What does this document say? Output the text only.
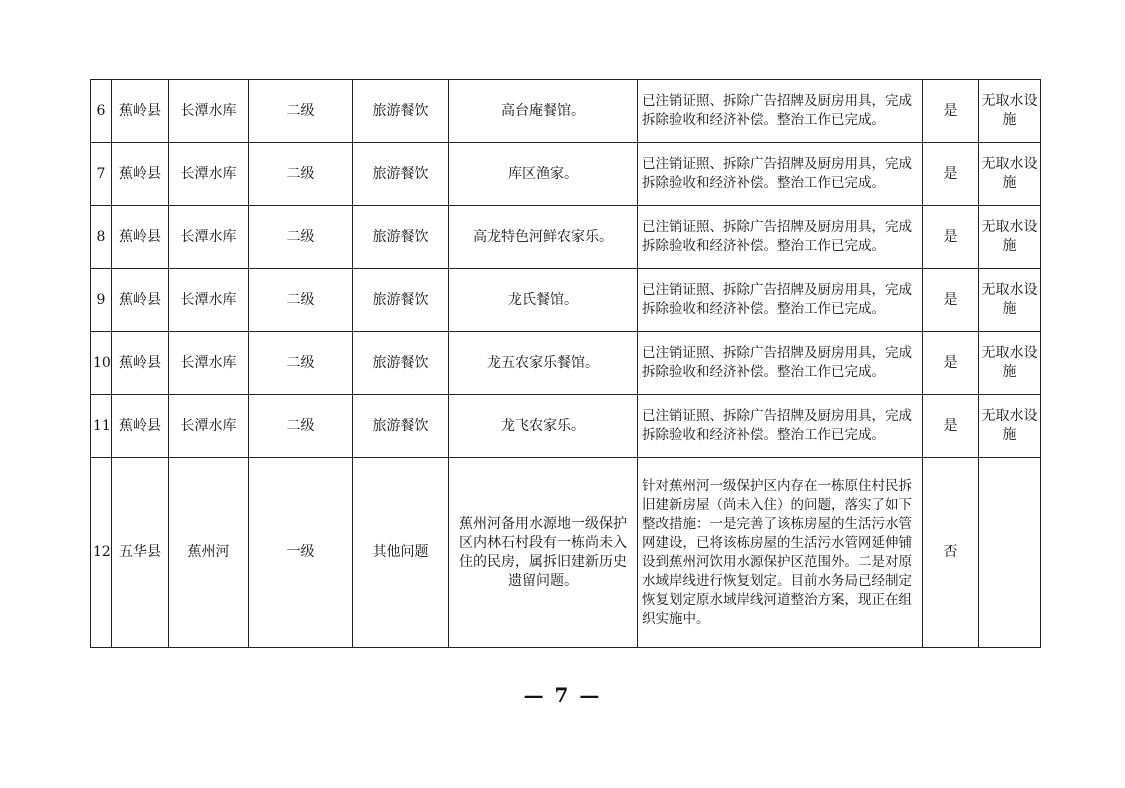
6	蕉岭县	长潭水库	二级	旅游餐饮	高台庵餐馆。	已注销证照、拆除广告招牌及厨房用具，完成拆除验收和经济补偿。整治工作已完成。	是	无取水设施
7	蕉岭县	长潭水库	二级	旅游餐饮	库区渔家。	已注销证照、拆除广告招牌及厨房用具，完成拆除验收和经济补偿。整治工作已完成。	是	无取水设施
8	蕉岭县	长潭水库	二级	旅游餐饮	高龙特色河鲜农家乐。	已注销证照、拆除广告招牌及厨房用具，完成拆除验收和经济补偿。整治工作已完成。	是	无取水设施
9	蕉岭县	长潭水库	二级	旅游餐饮	龙氏餐馆。	已注销证照、拆除广告招牌及厨房用具，完成拆除验收和经济补偿。整治工作已完成。	是	无取水设施
10	蕉岭县	长潭水库	二级	旅游餐饮	龙五农家乐餐馆。	已注销证照、拆除广告招牌及厨房用具，完成拆除验收和经济补偿。整治工作已完成。	是	无取水设施
11	蕉岭县	长潭水库	二级	旅游餐饮	龙飞农家乐。	已注销证照、拆除广告招牌及厨房用具，完成拆除验收和经济补偿。整治工作已完成。	是	无取水设施
12	五华县	蕉州河	一级	其他问题	蕉州河备用水源地一级保护区内林石村段有一栋尚未入住的民房，属拆旧建新历史遗留问题。	针对蕉州河一级保护区内存在一栋原住村民拆旧建新房屋（尚未入住）的问题，落实了如下整改措施：一是完善了该栋房屋的生活污水管网建设，已将该栋房屋的生活污水管网延伸铺设到蕉州河饮用水源保护区范围外。二是对原水域岸线进行恢复划定。目前水务局已经制定恢复划定原水域岸线河道整治方案，现正在组织实施中。	否	
— 7 —
